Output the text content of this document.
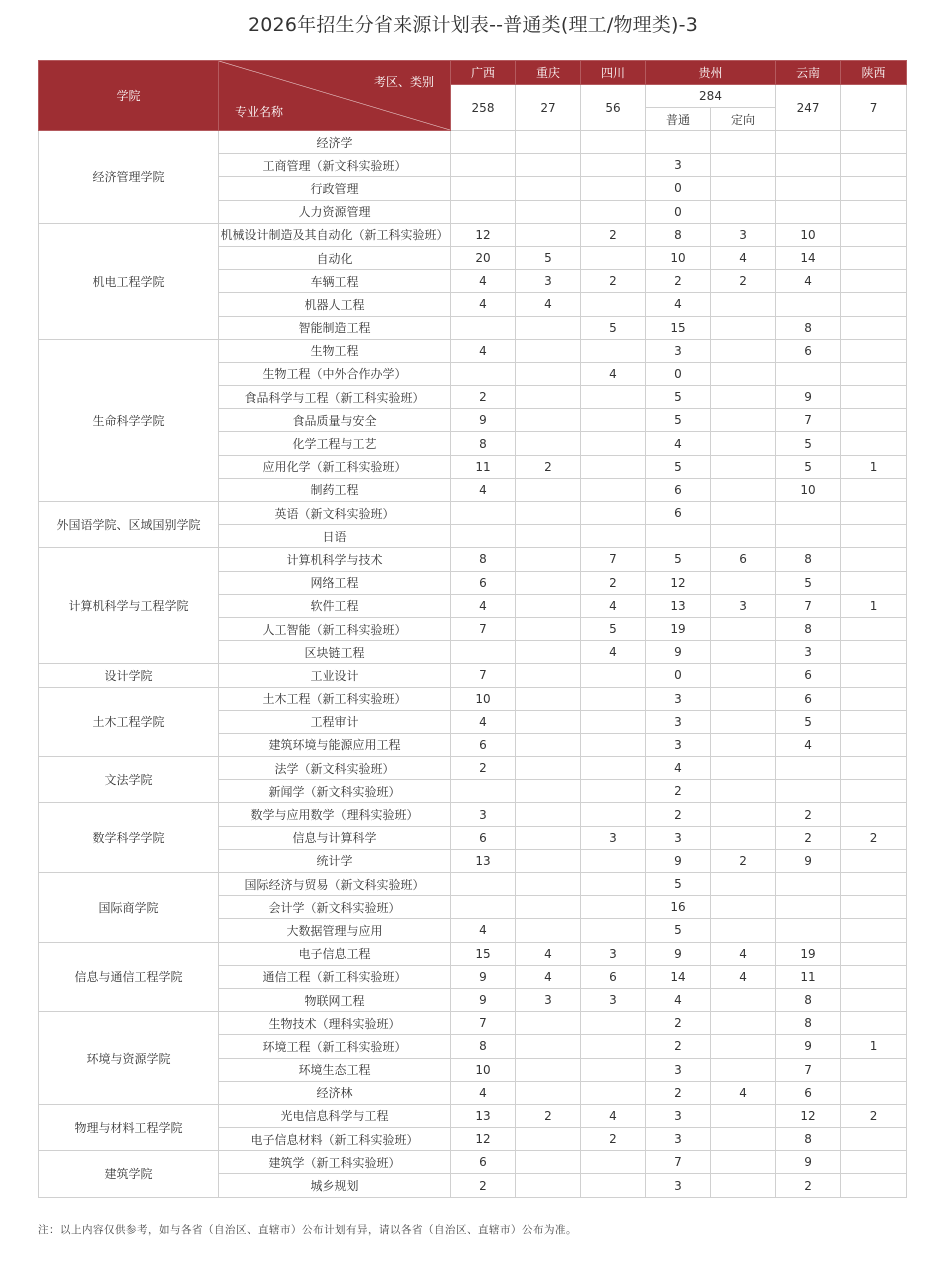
2026年招生分省来源计划表--普通类(理工/物理类)-3
学院	考区、类别
专业名称	广西	重庆	四川	贵州		云南	陕西
		258	27	56	284		247	7
					普通	定向		
经济管理学院	经济学							
	工商管理（新文科实验班）				3			
	行政管理				0			
	人力资源管理				0			
机电工程学院	机械设计制造及其自动化（新工科实验班）	12		2	8	3	10	
	自动化	20	5		10	4	14	
	车辆工程	4	3	2	2	2	4	
	机器人工程	4	4		4			
	智能制造工程			5	15		8	
生命科学学院	生物工程	4			3		6	
	生物工程（中外合作办学）			4	0			
	食品科学与工程（新工科实验班）	2			5		9	
	食品质量与安全	9			5		7	
	化学工程与工艺	8			4		5	
	应用化学（新工科实验班）	11	2		5		5	1
	制药工程	4			6		10	
外国语学院、区域国别学院	英语（新文科实验班）				6			
	日语							
计算机科学与工程学院	计算机科学与技术	8		7	5	6	8	
	网络工程	6		2	12		5	
	软件工程	4		4	13	3	7	1
	人工智能（新工科实验班）	7		5	19		8	
	区块链工程			4	9		3	
设计学院	工业设计	7			0		6	
土木工程学院	土木工程（新工科实验班）	10			3		6	
	工程审计	4			3		5	
	建筑环境与能源应用工程	6			3		4	
文法学院	法学（新文科实验班）	2			4			
	新闻学（新文科实验班）				2			
数学科学学院	数学与应用数学（理科实验班）	3			2		2	
	信息与计算科学	6		3	3		2	2
	统计学	13			9	2	9	
国际商学院	国际经济与贸易（新文科实验班）				5			
	会计学（新文科实验班）				16			
	大数据管理与应用	4			5			
信息与通信工程学院	电子信息工程	15	4	3	9	4	19	
	通信工程（新工科实验班）	9	4	6	14	4	11	
	物联网工程	9	3	3	4		8	
环境与资源学院	生物技术（理科实验班）	7			2		8	
	环境工程（新工科实验班）	8			2		9	1
	环境生态工程	10			3		7	
	经济林	4			2	4	6	
物理与材料工程学院	光电信息科学与工程	13	2	4	3		12	2
	电子信息材料（新工科实验班）	12		2	3		8	
建筑学院	建筑学（新工科实验班）	6			7		9	
	城乡规划	2			3		2	
注：以上内容仅供参考，如与各省（自治区、直辖市）公布计划有异，请以各省（自治区、直辖市）公布为准。
